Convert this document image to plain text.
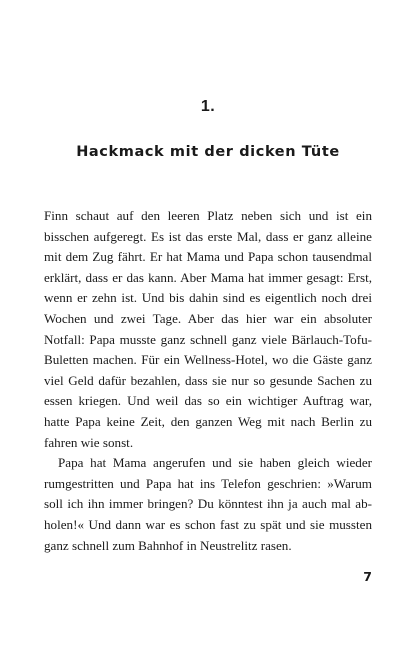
1.
Hackmack mit der dicken Tüte

Finn schaut auf den leeren Platz neben sich und ist ein bisschen aufgeregt. Es ist das erste Mal, dass er ganz alleine mit dem Zug fährt. Er hat Mama und Papa schon tausendmal erklärt, dass er das kann. Aber Mama hat immer gesagt: Erst, wenn er zehn ist. Und bis dahin sind es eigentlich noch drei Wochen und zwei Tage. Aber das hier war ein absoluter Notfall: Papa musste ganz schnell ganz viele Bärlauch-Tofu-Buletten machen. Für ein Wellness-Hotel, wo die Gäste ganz viel Geld dafür bezahlen, dass sie nur so gesunde Sachen zu essen kriegen. Und weil das so ein wichtiger Auftrag war, hatte Papa keine Zeit, den ganzen Weg mit nach Berlin zu fahren wie sonst.

Papa hat Mama angerufen und sie haben gleich wieder rumgestritten und Papa hat ins Telefon geschrien: »Warum soll ich ihn immer bringen? Du könntest ihn ja auch mal abholen!« Und dann war es schon fast zu spät und sie mussten ganz schnell zum Bahnhof in Neustrelitz rasen.

7
